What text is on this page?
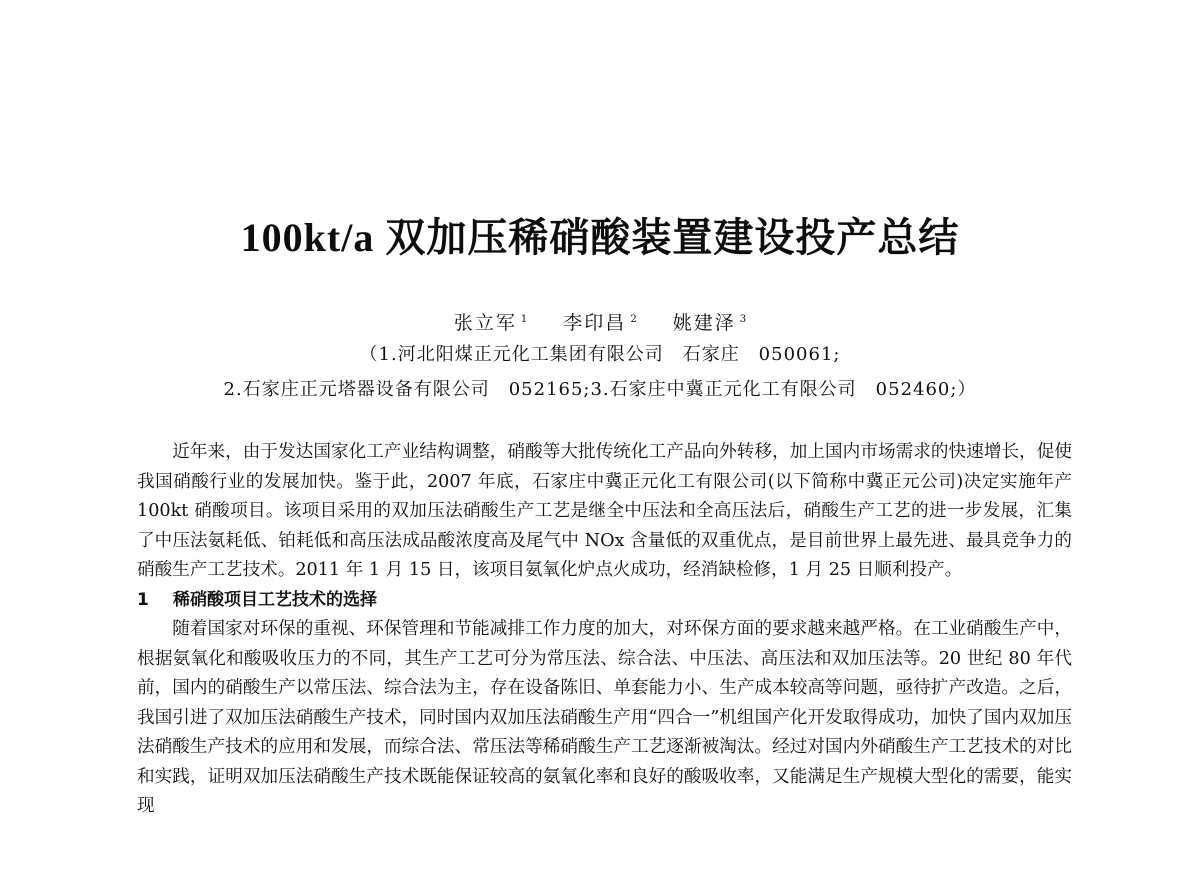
100kt/a 双加压稀硝酸装置建设投产总结
张立军 $^1$ 李印昌 $^2$ 姚建泽 $^3$
（1.河北阳煤正元化工集团有限公司　石家庄　050061;
2.石家庄正元塔器设备有限公司　052165;3.石家庄中冀正元化工有限公司　052460;）

近年来，由于发达国家化工产业结构调整，硝酸等大批传统化工产品向外转移，加上国内市场需求的快速增长，促使我国硝酸行业的发展加快。鉴于此，2007 年底，石家庄中冀正元化工有限公司(以下简称中冀正元公司)决定实施年产 100kt 硝酸项目。该项目采用的双加压法硝酸生产工艺是继全中压法和全高压法后，硝酸生产工艺的进一步发展，汇集了中压法氨耗低、铂耗低和高压法成品酸浓度高及尾气中 NOx 含量低的双重优点，是目前世界上最先进、最具竞争力的硝酸生产工艺技术。2011 年 1 月 15 日，该项目氨氧化炉点火成功，经消缺检修，1 月 25 日顺利投产。

1 稀硝酸项目工艺技术的选择

随着国家对环保的重视、环保管理和节能减排工作力度的加大，对环保方面的要求越来越严格。在工业硝酸生产中，根据氨氧化和酸吸收压力的不同，其生产工艺可分为常压法、综合法、中压法、高压法和双加压法等。20 世纪 80 年代前，国内的硝酸生产以常压法、综合法为主，存在设备陈旧、单套能力小、生产成本较高等问题，亟待扩产改造。之后，我国引进了双加压法硝酸生产技术，同时国内双加压法硝酸生产用“四合一”机组国产化开发取得成功，加快了国内双加压法硝酸生产技术的应用和发展，而综合法、常压法等稀硝酸生产工艺逐渐被淘汰。经过对国内外硝酸生产工艺技术的对比和实践，证明双加压法硝酸生产技术既能保证较高的氨氧化率和良好的酸吸收率，又能满足生产规模大型化的需要，能实现
